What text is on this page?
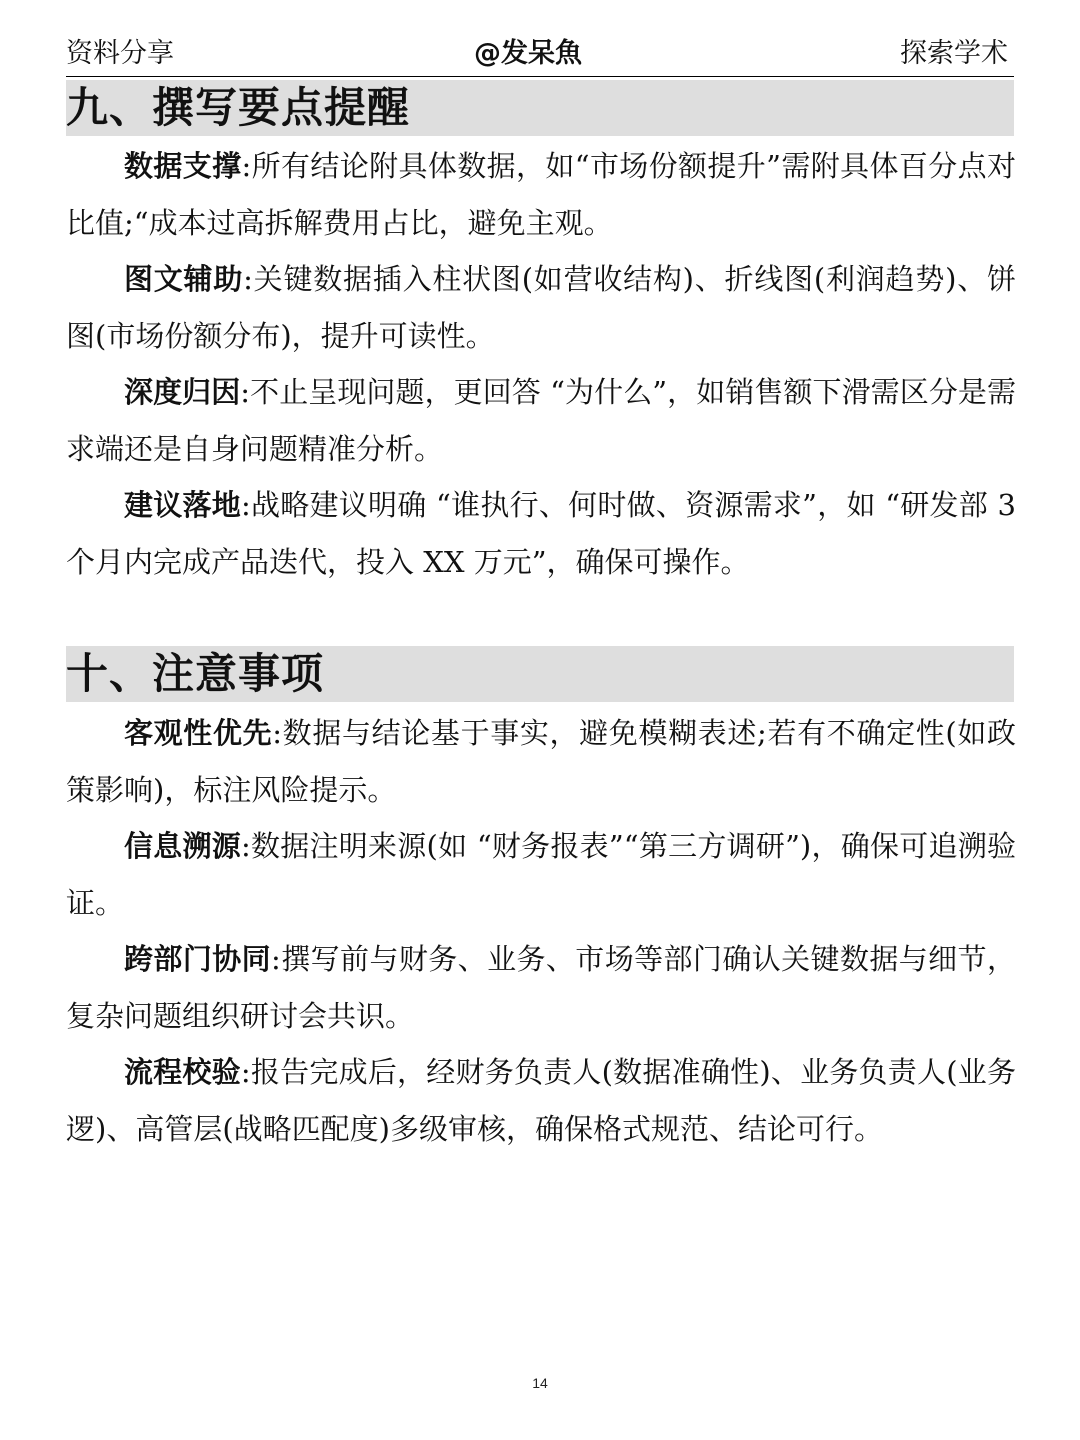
资料分享	@发呆魚	探索学术
九、撰写要点提醒

数据支撑:所有结论附具体数据，如“市场份额提升”需附具体百分点对比值;“成本过高拆解费用占比，避免主观。

图文辅助:关键数据插入柱状图(如营收结构)、折线图(利润趋势)、饼图(市场份额分布)，提升可读性。

深度归因:不止呈现问题，更回答 “为什么”，如销售额下滑需区分是需求端还是自身问题精准分析。

建议落地:战略建议明确 “谁执行、何时做、资源需求”，如 “研发部 3 个月内完成产品迭代，投入 XX 万元”，确保可操作。

十、注意事项

客观性优先:数据与结论基于事实，避免模糊表述;若有不确定性(如政策影响)，标注风险提示。

信息溯源:数据注明来源(如 “财务报表”“第三方调研”)，确保可追溯验证。

跨部门协同:撰写前与财务、业务、市场等部门确认关键数据与细节，复杂问题组织研讨会共识。

流程校验:报告完成后，经财务负责人(数据准确性)、业务负责人(业务逻)、高管层(战略匹配度)多级审核，确保格式规范、结论可行。

14
